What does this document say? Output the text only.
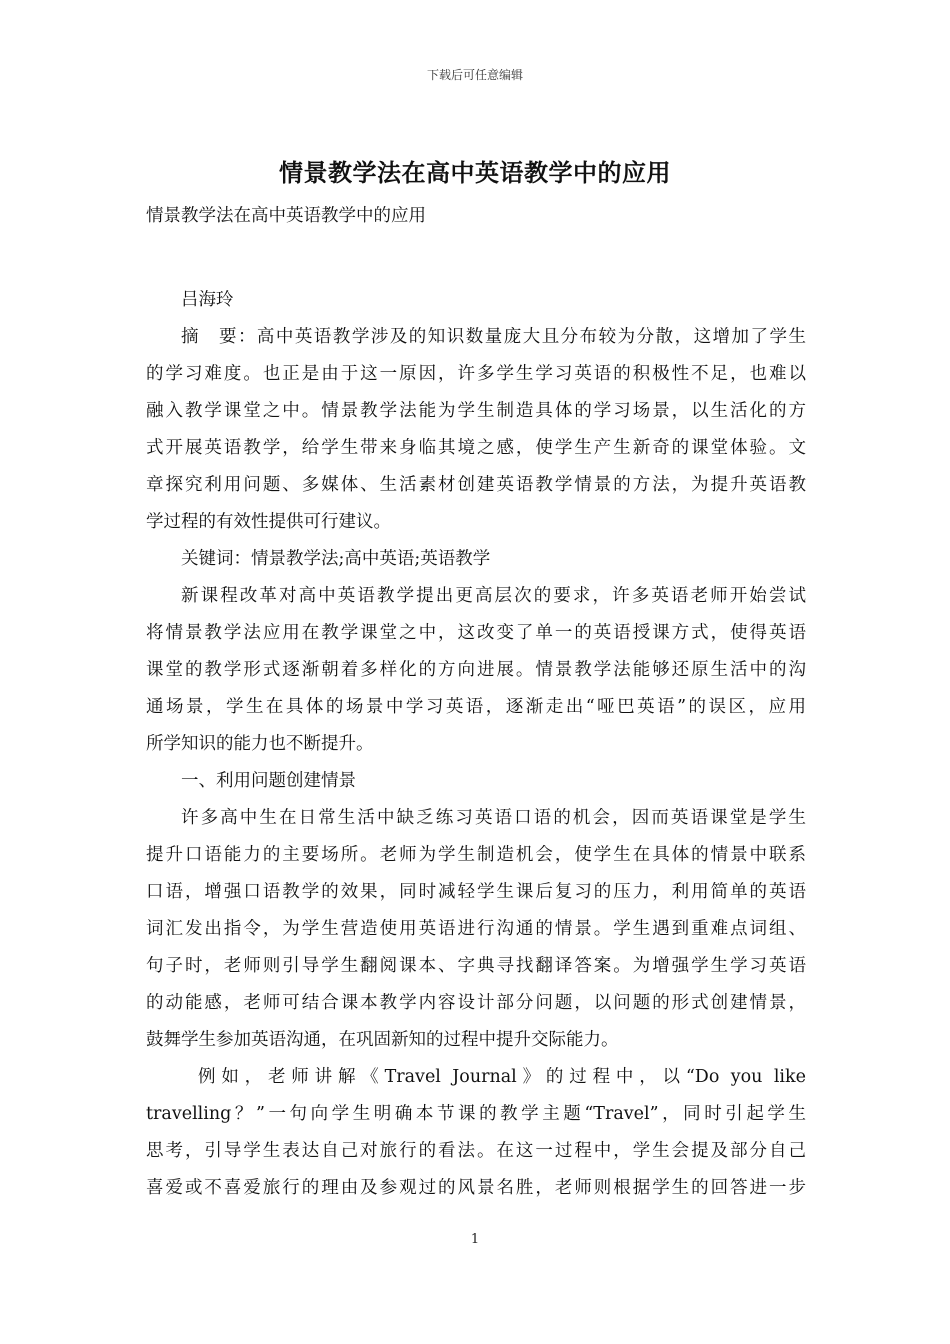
下载后可任意编辑
情景教学法在高中英语教学中的应用
情景教学法在高中英语教学中的应用
吕海玲
摘　要：高中英语教学涉及的知识数量庞大且分布较为分散，这增加了学生
的学习难度。也正是由于这一原因，许多学生学习英语的积极性不足，也难以
融入教学课堂之中。情景教学法能为学生制造具体的学习场景，以生活化的方
式开展英语教学，给学生带来身临其境之感，使学生产生新奇的课堂体验。文
章探究利用问题、多媒体、生活素材创建英语教学情景的方法，为提升英语教
学过程的有效性提供可行建议。
关键词：情景教学法;高中英语;英语教学
新课程改革对高中英语教学提出更高层次的要求，许多英语老师开始尝试
将情景教学法应用在教学课堂之中，这改变了单一的英语授课方式，使得英语
课堂的教学形式逐渐朝着多样化的方向进展。情景教学法能够还原生活中的沟
通场景，学生在具体的场景中学习英语，逐渐走出“哑巴英语”的误区，应用
所学知识的能力也不断提升。
一、利用问题创建情景
许多高中生在日常生活中缺乏练习英语口语的机会，因而英语课堂是学生
提升口语能力的主要场所。老师为学生制造机会，使学生在具体的情景中联系
口语，增强口语教学的效果，同时减轻学生课后复习的压力，利用简单的英语
词汇发出指令，为学生营造使用英语进行沟通的情景。学生遇到重难点词组、
句子时，老师则引导学生翻阅课本、字典寻找翻译答案。为增强学生学习英语
的动能感，老师可结合课本教学内容设计部分问题，以问题的形式创建情景，
鼓舞学生参加英语沟通，在巩固新知的过程中提升交际能力。
例如，老师讲解《Travel Journal》的过程中，以“Do you like
travelling？”一句向学生明确本节课的教学主题“Travel”，同时引起学生
思考，引导学生表达自己对旅行的看法。在这一过程中，学生会提及部分自己
喜爱或不喜爱旅行的理由及参观过的风景名胜，老师则根据学生的回答进一步
1
